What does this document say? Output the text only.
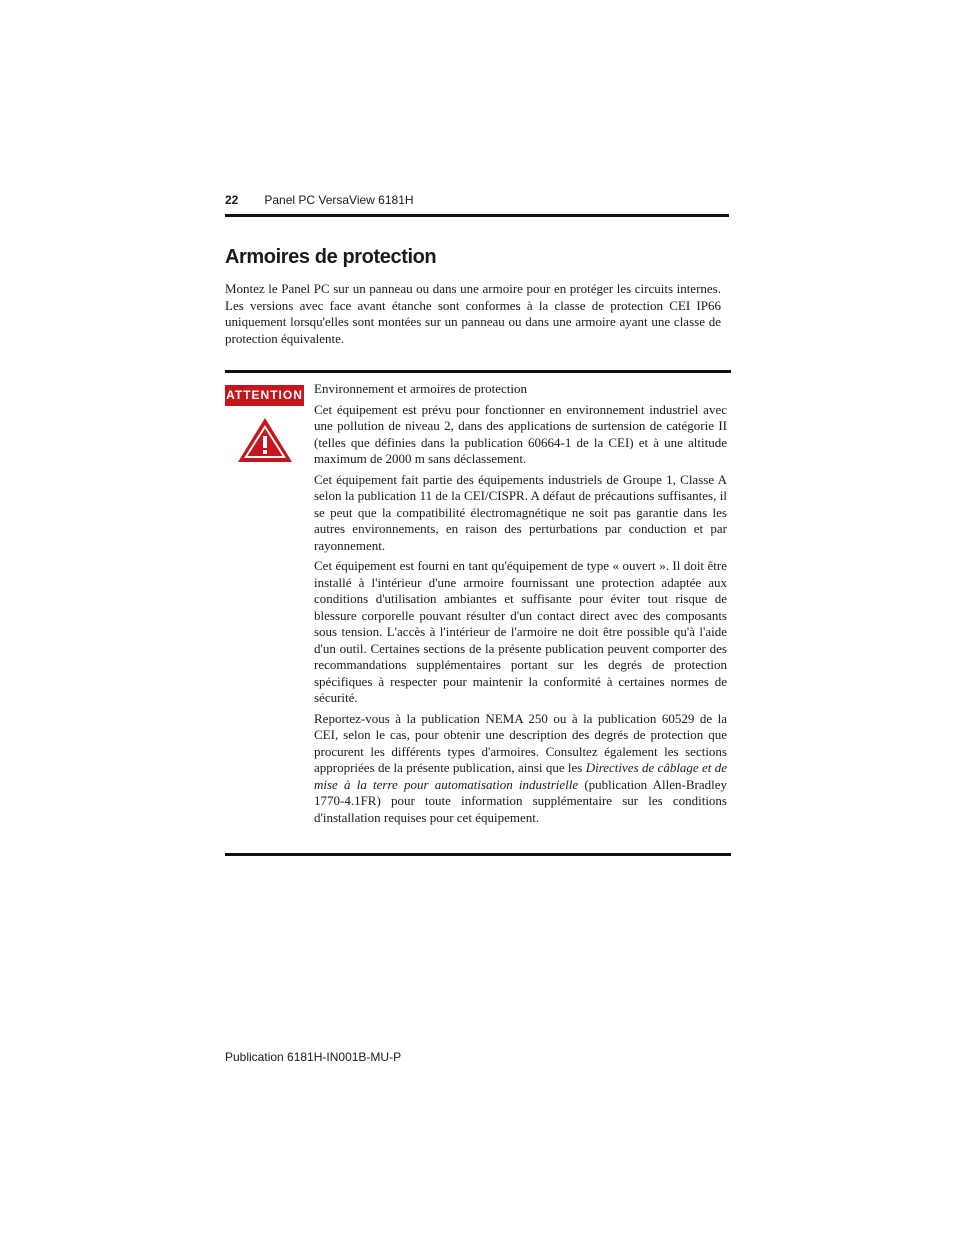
22 Panel PC VersaView 6181H
Armoires de protection

Montez le Panel PC sur un panneau ou dans une armoire pour en protéger les circuits internes. Les versions avec face avant étanche sont conformes à la classe de protection CEI IP66 uniquement lorsqu'elles sont montées sur un panneau ou dans une armoire ayant une classe de protection équivalente.

ATTENTION Environnement et armoires de protection

Cet équipement est prévu pour fonctionner en environnement industriel avec une pollution de niveau 2, dans des applications de surtension de catégorie II (telles que définies dans la publication 60664-1 de la CEI) et à une altitude maximum de 2000 m sans déclassement.

Cet équipement fait partie des équipements industriels de Groupe 1, Classe A selon la publication 11 de la CEI/CISPR. A défaut de précautions suffisantes, il se peut que la compatibilité électromagnétique ne soit pas garantie dans les autres environnements, en raison des perturbations par conduction et par rayonnement.

Cet équipement est fourni en tant qu'équipement de type « ouvert ». Il doit être installé à l'intérieur d'une armoire fournissant une protection adaptée aux conditions d'utilisation ambiantes et suffisante pour éviter tout risque de blessure corporelle pouvant résulter d'un contact direct avec des composants sous tension. L'accès à l'intérieur de l'armoire ne doit être possible qu'à l'aide d'un outil. Certaines sections de la présente publication peuvent comporter des recommandations supplémentaires portant sur les degrés de protection spécifiques à respecter pour maintenir la conformité à certaines normes de sécurité.

Reportez-vous à la publication NEMA 250 ou à la publication 60529 de la CEI, selon le cas, pour obtenir une description des degrés de protection que procurent les différents types d'armoires. Consultez également les sections appropriées de la présente publication, ainsi que les Directives de câblage et de mise à la terre pour automatisation industrielle (publication Allen-Bradley 1770-4.1FR) pour toute information supplémentaire sur les conditions d'installation requises pour cet équipement.

Publication 6181H-IN001B-MU-P
